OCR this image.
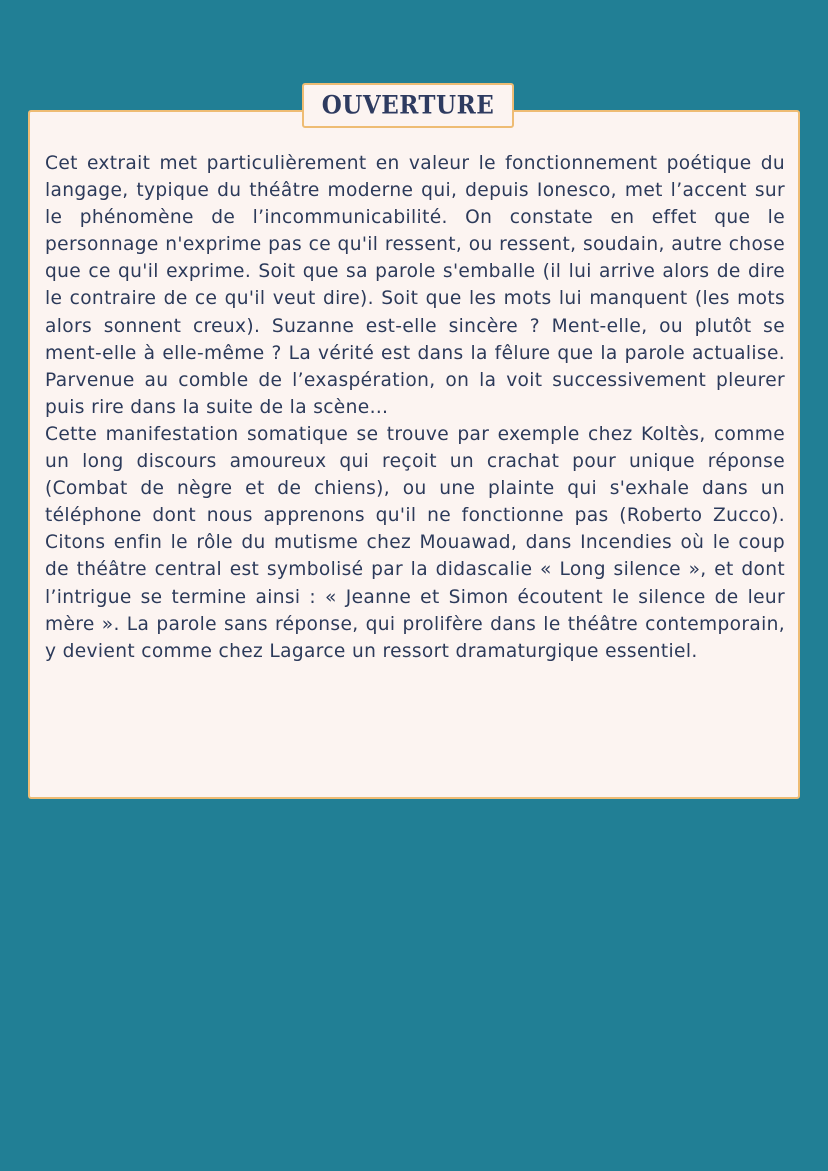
OUVERTURE

Cet extrait met particulièrement en valeur le fonctionnement poétique du langage, typique du théâtre moderne qui, depuis Ionesco, met l’accent sur le phénomène de l’incommunicabilité. On constate en effet que le personnage n'exprime pas ce qu'il ressent, ou ressent, soudain, autre chose que ce qu'il exprime. Soit que sa parole s'emballe (il lui arrive alors de dire le contraire de ce qu'il veut dire). Soit que les mots lui manquent (les mots alors sonnent creux). Suzanne est-elle sincère ? Ment-elle, ou plutôt se ment-elle à elle-même ? La vérité est dans la fêlure que la parole actualise. Parvenue au comble de l’exaspération, on la voit successivement pleurer puis rire dans la suite de la scène…

Cette manifestation somatique se trouve par exemple chez Koltès, comme un long discours amoureux qui reçoit un crachat pour unique réponse (Combat de nègre et de chiens), ou une plainte qui s'exhale dans un téléphone dont nous apprenons qu'il ne fonctionne pas (Roberto Zucco). Citons enfin le rôle du mutisme chez Mouawad, dans Incendies où le coup de théâtre central est symbolisé par la didascalie « Long silence », et dont l’intrigue se termine ainsi : « Jeanne et Simon écoutent le silence de leur mère ». La parole sans réponse, qui prolifère dans le théâtre contemporain, y devient comme chez Lagarce un ressort dramaturgique essentiel.
